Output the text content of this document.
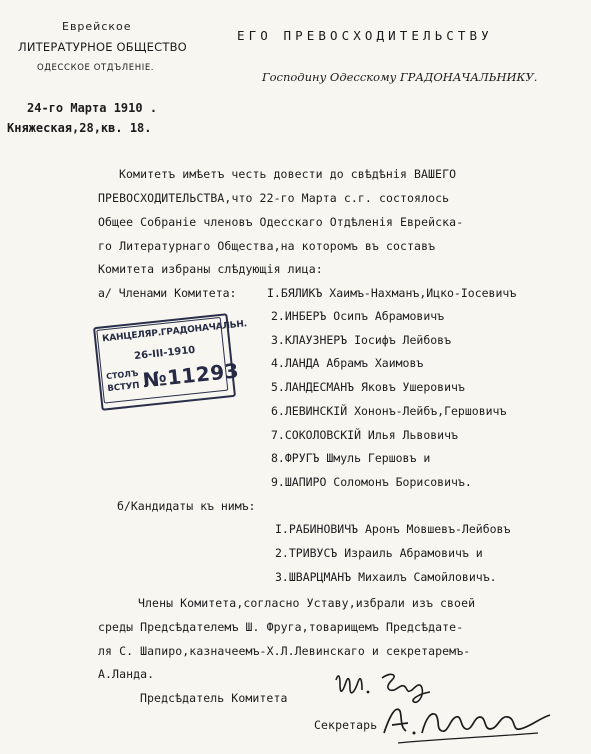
Еврейское
ЛИТЕРАТУРНОЕ ОБЩЕСТВО
ОДЕССКОЕ ОТДЪЛЕНІЕ.
ЕГО ПРЕВОСХОДИТЕЛЬСТВУ
Господину Одесскому ГРАДОНАЧАЛЬНИКУ.
24-го Марта 1910 .
Княжеская,28,кв. 18.
Комитетъ имѣетъ честь довести до свѣдѣнія ВАШЕГО
ПРЕВОСХОДИТЕЛЬСТВА,что 22-го Марта с.г. состоялось
Общее Собраніе членовъ Одесскаго Отдѣленія Еврейска-
го Литературнаго Общества,на которомъ въ составъ
Комитета избраны слѣдующія лица:
а/ Членами Комитета:	I.БЯЛИКЪ Хаимъ-Нахманъ,Ицко-Іосевичъ
2.ИНБЕРЪ Осипъ Абрамовичъ
3.КЛАУЗНЕРЪ Іосифъ Лейбовъ
4.ЛАНДА Абрамъ Хаимовъ
5.ЛАНДЕСМАНЪ Яковъ Ушеровичъ
6.ЛЕВИНСКІЙ Хононъ-Лейбъ,Гершовичъ
7.СОКОЛОВСКІЙ Илья Львовичъ
8.ФРУГЪ Шмуль Гершовъ и
9.ШАПИРО Соломонъ Борисовичъ.
б/Кандидаты къ нимъ:
I.РАБИНОВИЧЪ Аронъ Мовшевъ-Лейбовъ
2.ТРИВУСЪ Израиль Абрамовичъ и
3.ШВАРЦМАНЪ Михаилъ Самойловичъ.
Члены Комитета,согласно Уставу,избрали изъ своей
среды Предсѣдателемъ Ш. Фруга,товарищемъ Предсѣдате-
ля С. Шапиро,казначеемъ-Х.Л.Левинскаго и секретаремъ-
А.Ланда.
Предсѣдатель Комитета
Секретарь
КАНЦЕЛЯР.ГРАДОНАЧАЛЬН.
26-III-1910
СТОЛЪ
ВСТУП №11293
